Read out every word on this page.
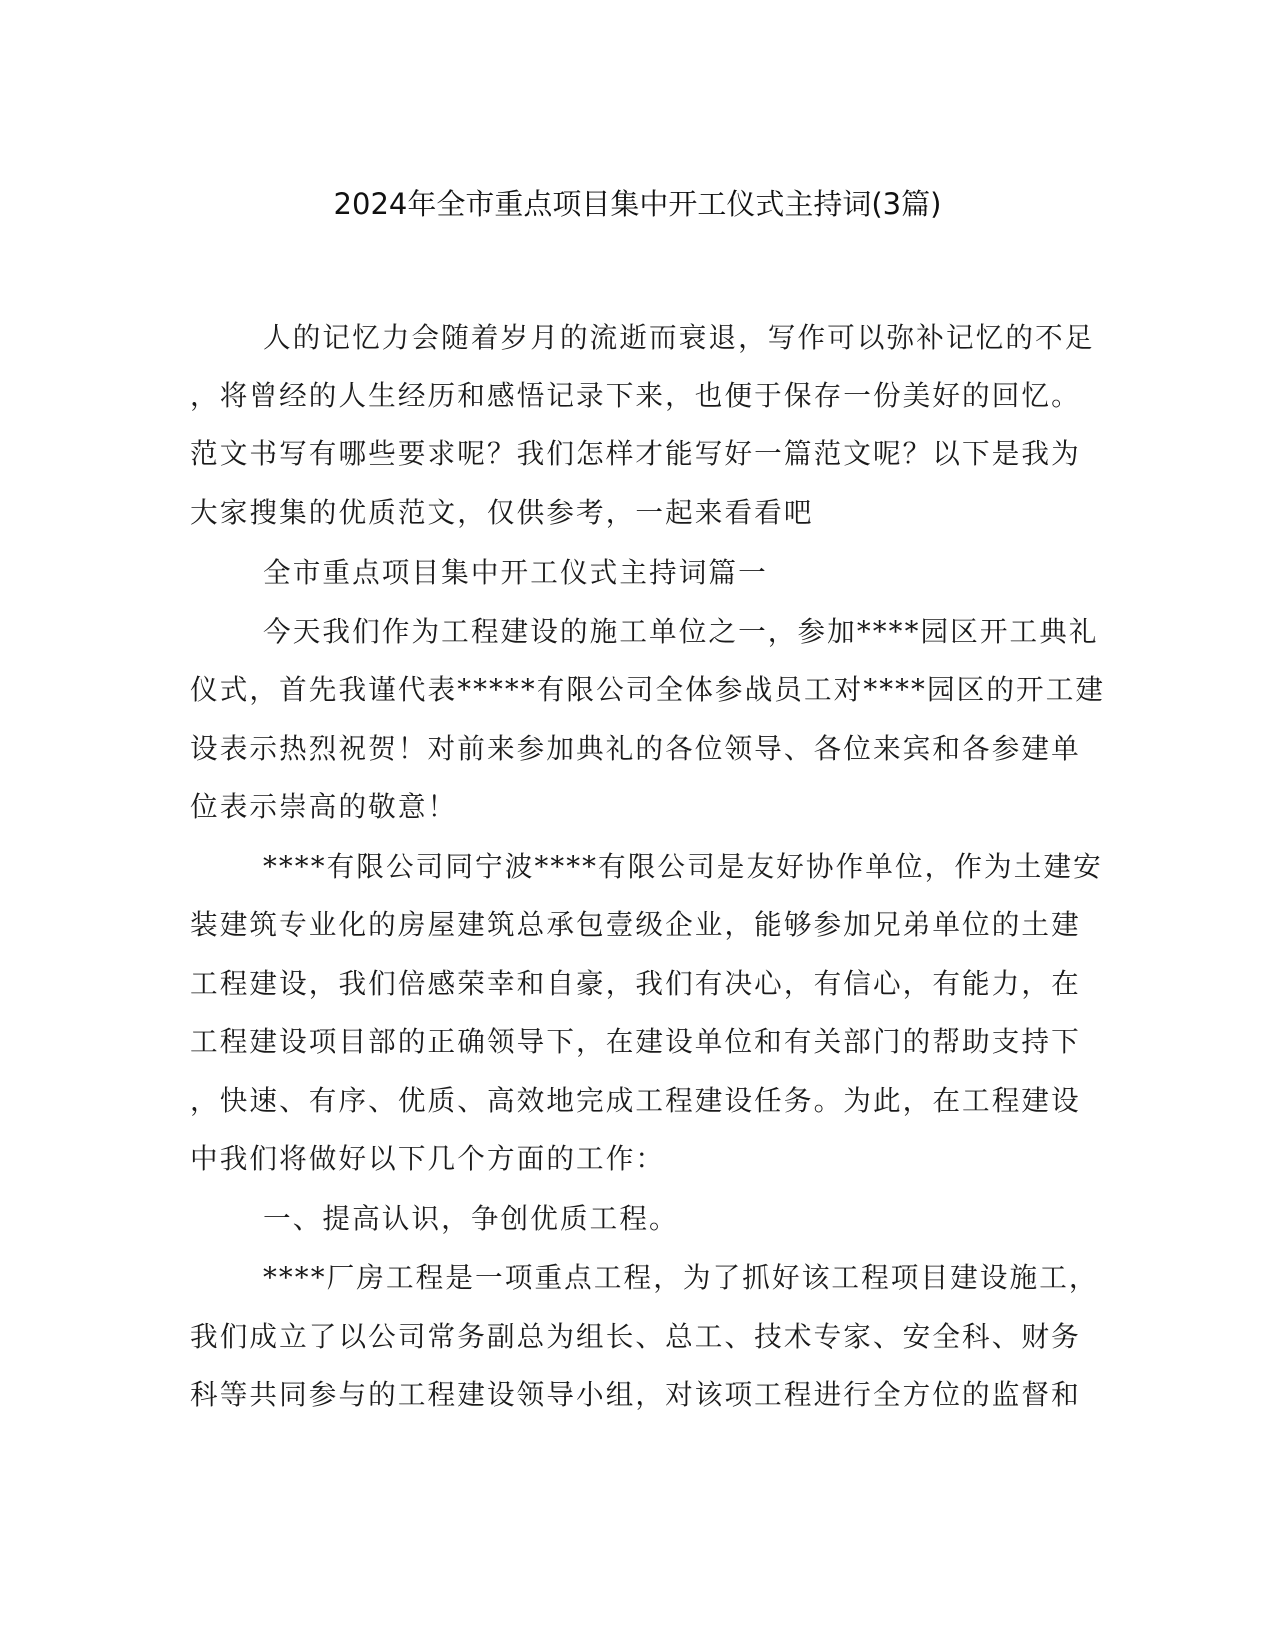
2024年全市重点项目集中开工仪式主持词(3篇)

人的记忆力会随着岁月的流逝而衰退，写作可以弥补记忆的不足

，将曾经的人生经历和感悟记录下来，也便于保存一份美好的回忆。

范文书写有哪些要求呢？我们怎样才能写好一篇范文呢？以下是我为

大家搜集的优质范文，仅供参考，一起来看看吧

全市重点项目集中开工仪式主持词篇一

今天我们作为工程建设的施工单位之一，参加****园区开工典礼

仪式，首先我谨代表*****有限公司全体参战员工对****园区的开工建

设表示热烈祝贺！对前来参加典礼的各位领导、各位来宾和各参建单

位表示崇高的敬意！

****有限公司同宁波****有限公司是友好协作单位，作为土建安

装建筑专业化的房屋建筑总承包壹级企业，能够参加兄弟单位的土建

工程建设，我们倍感荣幸和自豪，我们有决心，有信心，有能力，在

工程建设项目部的正确领导下，在建设单位和有关部门的帮助支持下

，快速、有序、优质、高效地完成工程建设任务。为此，在工程建设

中我们将做好以下几个方面的工作：

一、提高认识，争创优质工程。

****厂房工程是一项重点工程，为了抓好该工程项目建设施工，

我们成立了以公司常务副总为组长、总工、技术专家、安全科、财务

科等共同参与的工程建设领导小组，对该项工程进行全方位的监督和
